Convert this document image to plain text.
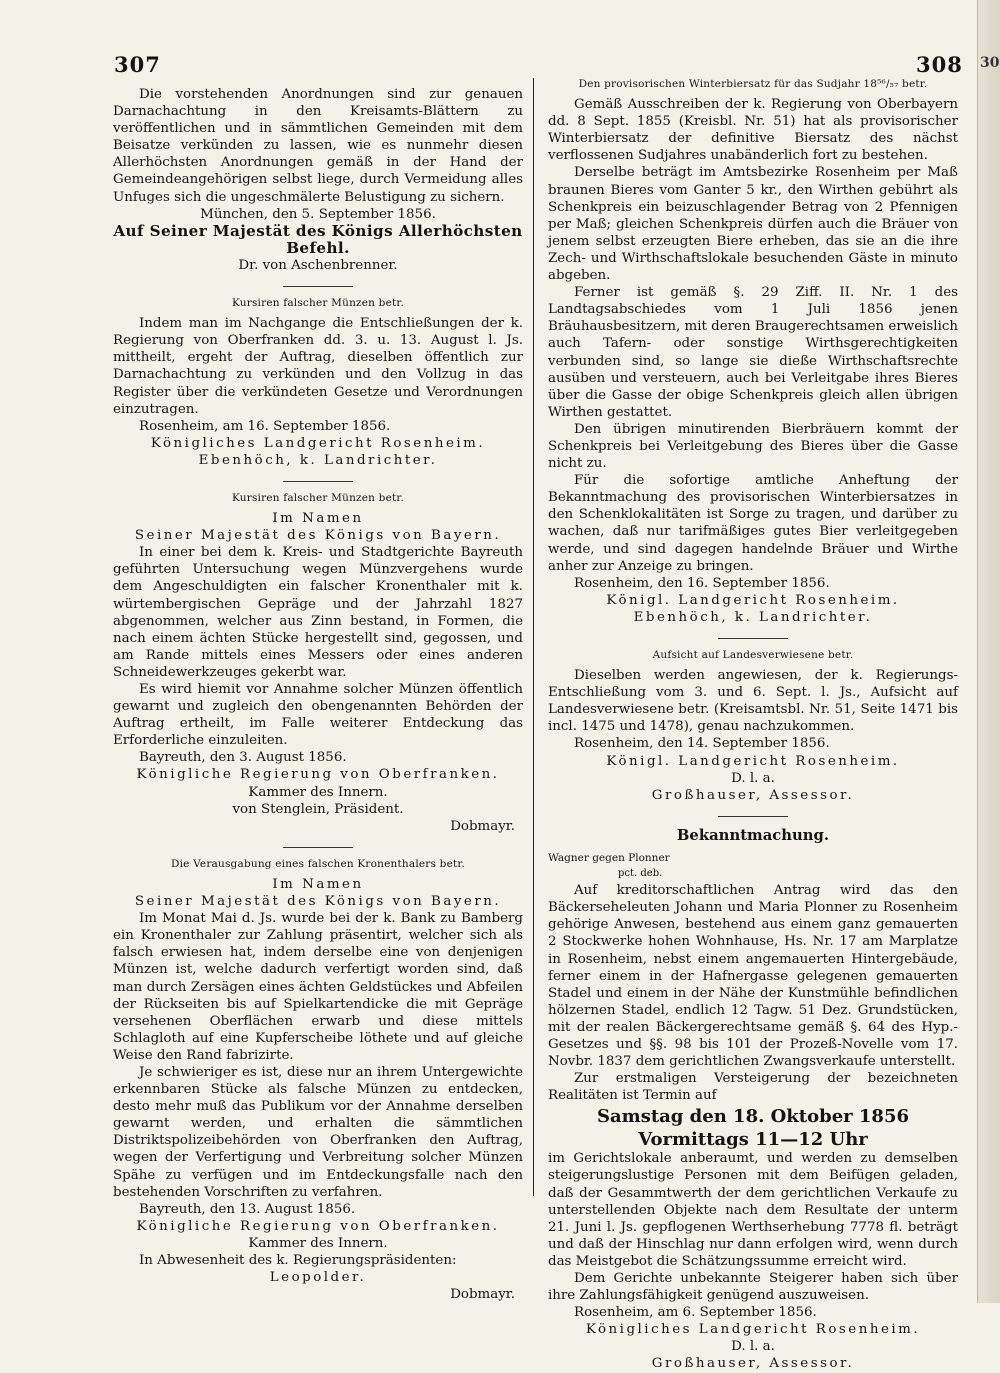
30
307	308

Die vorstehenden Anordnungen sind zur genauen Darnachachtung in den Kreisamts-Blättern zu veröffentlichen und in sämmtlichen Gemeinden mit dem Beisatze verkünden zu lassen, wie es nunmehr diesen Allerhöchsten Anordnungen gemäß in der Hand der Gemeindeangehörigen selbst liege, durch Vermeidung alles Unfuges sich die ungeschmälerte Belustigung zu sichern.

München, den 5. September 1856.

Auf Seiner Majestät des Königs Allerhöchsten Befehl.

Dr. von Aschenbrenner.

Kursiren falscher Münzen betr.

Indem man im Nachgange die Entschließungen der k. Regierung von Oberfranken dd. 3. u. 13. August l. Js. mittheilt, ergeht der Auftrag, dieselben öffentlich zur Darnachachtung zu verkünden und den Vollzug in das Register über die verkündeten Gesetze und Verordnungen einzutragen.

Rosenheim, am 16. September 1856.

Königliches Landgericht Rosenheim.

Ebenhöch, k. Landrichter.

Kursiren falscher Münzen betr.

Im Namen

Seiner Majestät des Königs von Bayern.

In einer bei dem k. Kreis- und Stadtgerichte Bayreuth geführten Untersuchung wegen Münzvergehens wurde dem Angeschuldigten ein falscher Kronenthaler mit k. würtembergischen Gepräge und der Jahrzahl 1827 abgenommen, welcher aus Zinn bestand, in Formen, die nach einem ächten Stücke hergestellt sind, gegossen, und am Rande mittels eines Messers oder eines anderen Schneidewerkzeuges gekerbt war.

Es wird hiemit vor Annahme solcher Münzen öffentlich gewarnt und zugleich den obengenannten Behörden der Auftrag ertheilt, im Falle weiterer Entdeckung das Erforderliche einzuleiten.

Bayreuth, den 3. August 1856.

Königliche Regierung von Oberfranken.

Kammer des Innern.

von Stenglein, Präsident.

Dobmayr.

Die Verausgabung eines falschen Kronenthalers betr.

Im Namen

Seiner Majestät des Königs von Bayern.

Im Monat Mai d. Js. wurde bei der k. Bank zu Bamberg ein Kronenthaler zur Zahlung präsentirt, welcher sich als falsch erwiesen hat, indem derselbe eine von denjenigen Münzen ist, welche dadurch verfertigt worden sind, daß man durch Zersägen eines ächten Geldstückes und Abfeilen der Rückseiten bis auf Spielkartendicke die mit Gepräge versehenen Oberflächen erwarb und diese mittels Schlagloth auf eine Kupferscheibe löthete und auf gleiche Weise den Rand fabrizirte.

Je schwieriger es ist, diese nur an ihrem Untergewichte erkennbaren Stücke als falsche Münzen zu entdecken, desto mehr muß das Publikum vor der Annahme derselben gewarnt werden, und erhalten die sämmtlichen Distriktspolizeibehörden von Oberfranken den Auftrag, wegen der Verfertigung und Verbreitung solcher Münzen Spähe zu verfügen und im Entdeckungsfalle nach den bestehenden Vorschriften zu verfahren.

Bayreuth, den 13. August 1856.

Königliche Regierung von Oberfranken.

Kammer des Innern.

In Abwesenheit des k. Regierungspräsidenten:

Leopolder.

Dobmayr.

Den provisorischen Winterbiersatz für das Sudjahr 18⁵⁶/₅₇ betr.

Gemäß Ausschreiben der k. Regierung von Oberbayern dd. 8 Sept. 1855 (Kreisbl. Nr. 51) hat als provisorischer Winterbiersatz der definitive Biersatz des nächst verflossenen Sudjahres unabänderlich fort zu bestehen.

Derselbe beträgt im Amtsbezirke Rosenheim per Maß braunen Bieres vom Ganter 5 kr., den Wirthen gebührt als Schenkpreis ein beizuschlagender Betrag von 2 Pfennigen per Maß; gleichen Schenkpreis dürfen auch die Bräuer von jenem selbst erzeugten Biere erheben, das sie an die ihre Zech- und Wirthschaftslokale besuchenden Gäste in minuto abgeben.

Ferner ist gemäß §. 29 Ziff. II. Nr. 1 des Landtagsabschiedes vom 1 Juli 1856 jenen Bräuhausbesitzern, mit deren Braugerechtsamen erweislich auch Tafern- oder sonstige Wirthsgerechtigkeiten verbunden sind, so lange sie dieße Wirthschaftsrechte ausüben und versteuern, auch bei Verleitgabe ihres Bieres über die Gasse der obige Schenkpreis gleich allen übrigen Wirthen gestattet.

Den übrigen minutirenden Bierbräuern kommt der Schenkpreis bei Verleitgebung des Bieres über die Gasse nicht zu.

Für die sofortige amtliche Anheftung der Bekanntmachung des provisorischen Winterbiersatzes in den Schenklokalitäten ist Sorge zu tragen, und darüber zu wachen, daß nur tarifmäßiges gutes Bier verleitgegeben werde, und sind dagegen handelnde Bräuer und Wirthe anher zur Anzeige zu bringen.

Rosenheim, den 16. September 1856.

Königl. Landgericht Rosenheim.

Ebenhöch, k. Landrichter.

Aufsicht auf Landesverwiesene betr.

Dieselben werden angewiesen, der k. Regierungs-Entschließung vom 3. und 6. Sept. l. Js., Aufsicht auf Landesverwiesene betr. (Kreisamtsbl. Nr. 51, Seite 1471 bis incl. 1475 und 1478), genau nachzukommen.

Rosenheim, den 14. September 1856.

Königl. Landgericht Rosenheim.

D. l. a.

Großhauser, Assessor.

Bekanntmachung.
Wagner gegen Plonner
pct. deb.

Auf kreditorschaftlichen Antrag wird das den Bäckerseheleuten Johann und Maria Plonner zu Rosenheim gehörige Anwesen, bestehend aus einem ganz gemauerten 2 Stockwerke hohen Wohnhause, Hs. Nr. 17 am Marplatze in Rosenheim, nebst einem angemauerten Hintergebäude, ferner einem in der Hafnergasse gelegenen gemauerten Stadel und einem in der Nähe der Kunstmühle befindlichen hölzernen Stadel, endlich 12 Tagw. 51 Dez. Grundstücken, mit der realen Bäckergerechtsame gemäß §. 64 des Hyp.-Gesetzes und §§. 98 bis 101 der Prozeß-Novelle vom 17. Novbr. 1837 dem gerichtlichen Zwangsverkaufe unterstellt.

Zur erstmaligen Versteigerung der bezeichneten Realitäten ist Termin auf

Samstag den 18. Oktober 1856

Vormittags 11—12 Uhr

im Gerichtslokale anberaumt, und werden zu demselben steigerungslustige Personen mit dem Beifügen geladen, daß der Gesammtwerth der dem gerichtlichen Verkaufe zu unterstellenden Objekte nach dem Resultate der unterm 21. Juni l. Js. gepflogenen Werthserhebung 7778 fl. beträgt und daß der Hinschlag nur dann erfolgen wird, wenn durch das Meistgebot die Schätzungssumme erreicht wird.

Dem Gerichte unbekannte Steigerer haben sich über ihre Zahlungsfähigkeit genügend auszuweisen.

Rosenheim, am 6. September 1856.

Königliches Landgericht Rosenheim.

D. l. a.

Großhauser, Assessor.
